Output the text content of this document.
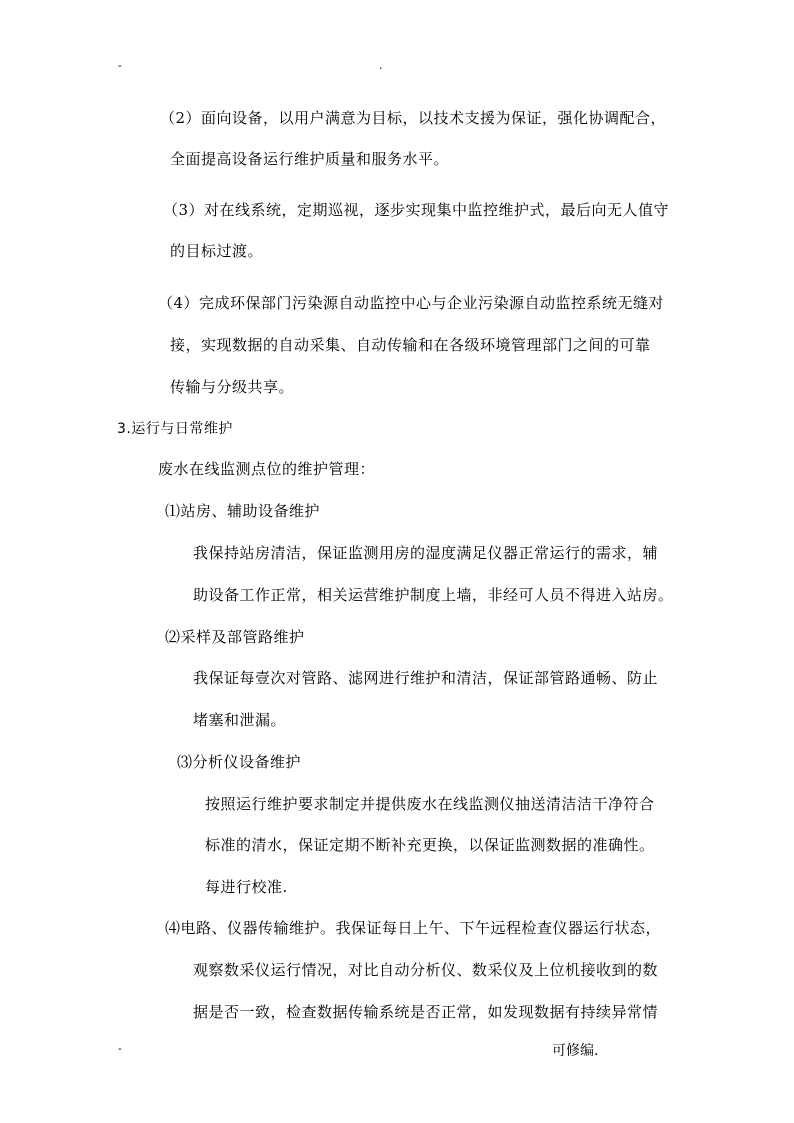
-	.
（2）面向设备，以用户满意为目标，以技术支援为保证，强化协调配合，
全面提高设备运行维护质量和服务水平。
（3）对在线系统，定期巡视，逐步实现集中监控维护式，最后向无人值守
的目标过渡。
（4）完成环保部门污染源自动监控中心与企业污染源自动监控系统无缝对
接，实现数据的自动采集、自动传输和在各级环境管理部门之间的可靠
传输与分级共享。
3.运行与日常维护
废水在线监测点位的维护管理：
⑴站房、辅助设备维护
我保持站房清洁，保证监测用房的湿度满足仪器正常运行的需求，辅
助设备工作正常，相关运营维护制度上墙，非经可人员不得进入站房。
⑵采样及部管路维护
我保证每壹次对管路、滤网进行维护和清洁，保证部管路通畅、防止
堵塞和泄漏。
⑶分析仪设备维护
按照运行维护要求制定并提供废水在线监测仪抽送清洁洁干净符合
标准的清水，保证定期不断补充更换，以保证监测数据的准确性。
每进行校准.
⑷电路、仪器传输维护。我保证每日上午、下午远程检查仪器运行状态，
观察数采仪运行情况，对比自动分析仪、数采仪及上位机接收到的数
据是否一致，检查数据传输系统是否正常，如发现数据有持续异常情
-	可修编.
